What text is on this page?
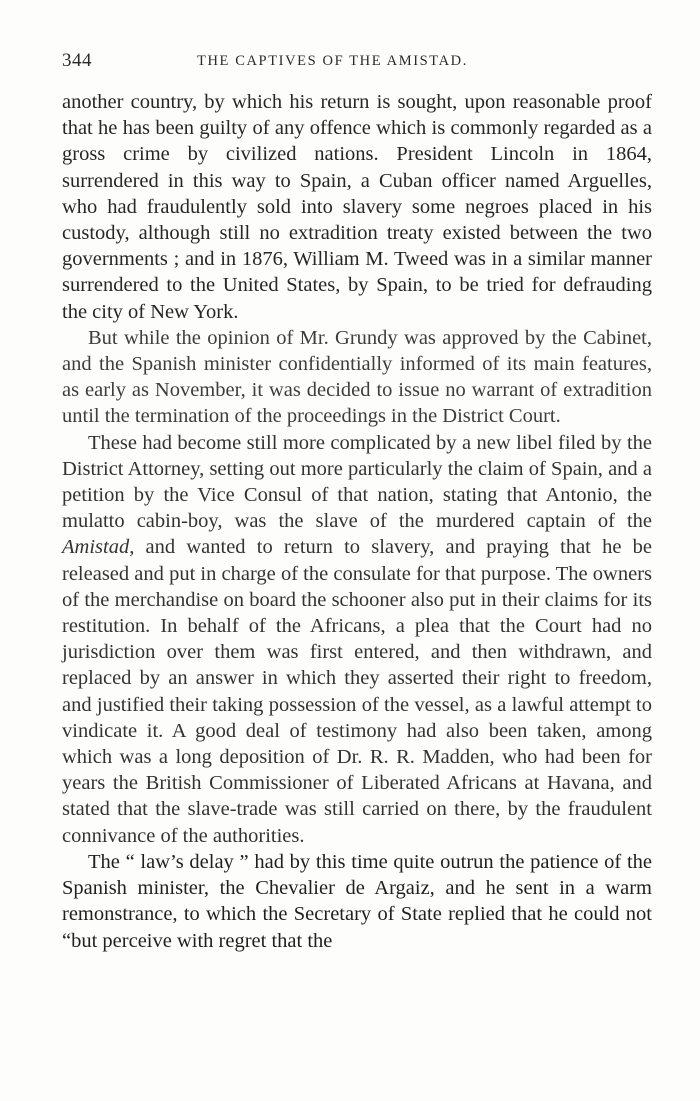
344	THE CAPTIVES OF THE AMISTAD.

another country, by which his return is sought, upon reasonable proof that he has been guilty of any offence which is commonly regarded as a gross crime by civilized nations. President Lincoln in 1864, surrendered in this way to Spain, a Cuban officer named Arguelles, who had fraudulently sold into slavery some negroes placed in his custody, although still no extradition treaty existed between the two governments ; and in 1876, William M. Tweed was in a similar manner surrendered to the United States, by Spain, to be tried for defrauding the city of New York.

But while the opinion of Mr. Grundy was approved by the Cabinet, and the Spanish minister confidentially informed of its main features, as early as November, it was decided to issue no warrant of extradition until the termination of the proceedings in the District Court.

These had become still more complicated by a new libel filed by the District Attorney, setting out more particularly the claim of Spain, and a petition by the Vice Consul of that nation, stating that Antonio, the mulatto cabin-boy, was the slave of the murdered captain of the Amistad, and wanted to return to slavery, and praying that he be released and put in charge of the consulate for that purpose. The owners of the merchandise on board the schooner also put in their claims for its restitution. In behalf of the Africans, a plea that the Court had no jurisdiction over them was first entered, and then withdrawn, and replaced by an answer in which they asserted their right to freedom, and justified their taking possession of the vessel, as a lawful attempt to vindicate it. A good deal of testimony had also been taken, among which was a long deposition of Dr. R. R. Madden, who had been for years the British Commissioner of Liberated Africans at Havana, and stated that the slave-trade was still carried on there, by the fraudulent connivance of the authorities.

The “ law’s delay ” had by this time quite outrun the patience of the Spanish minister, the Chevalier de Argaiz, and he sent in a warm remonstrance, to which the Secretary of State replied that he could not “but perceive with regret that the
